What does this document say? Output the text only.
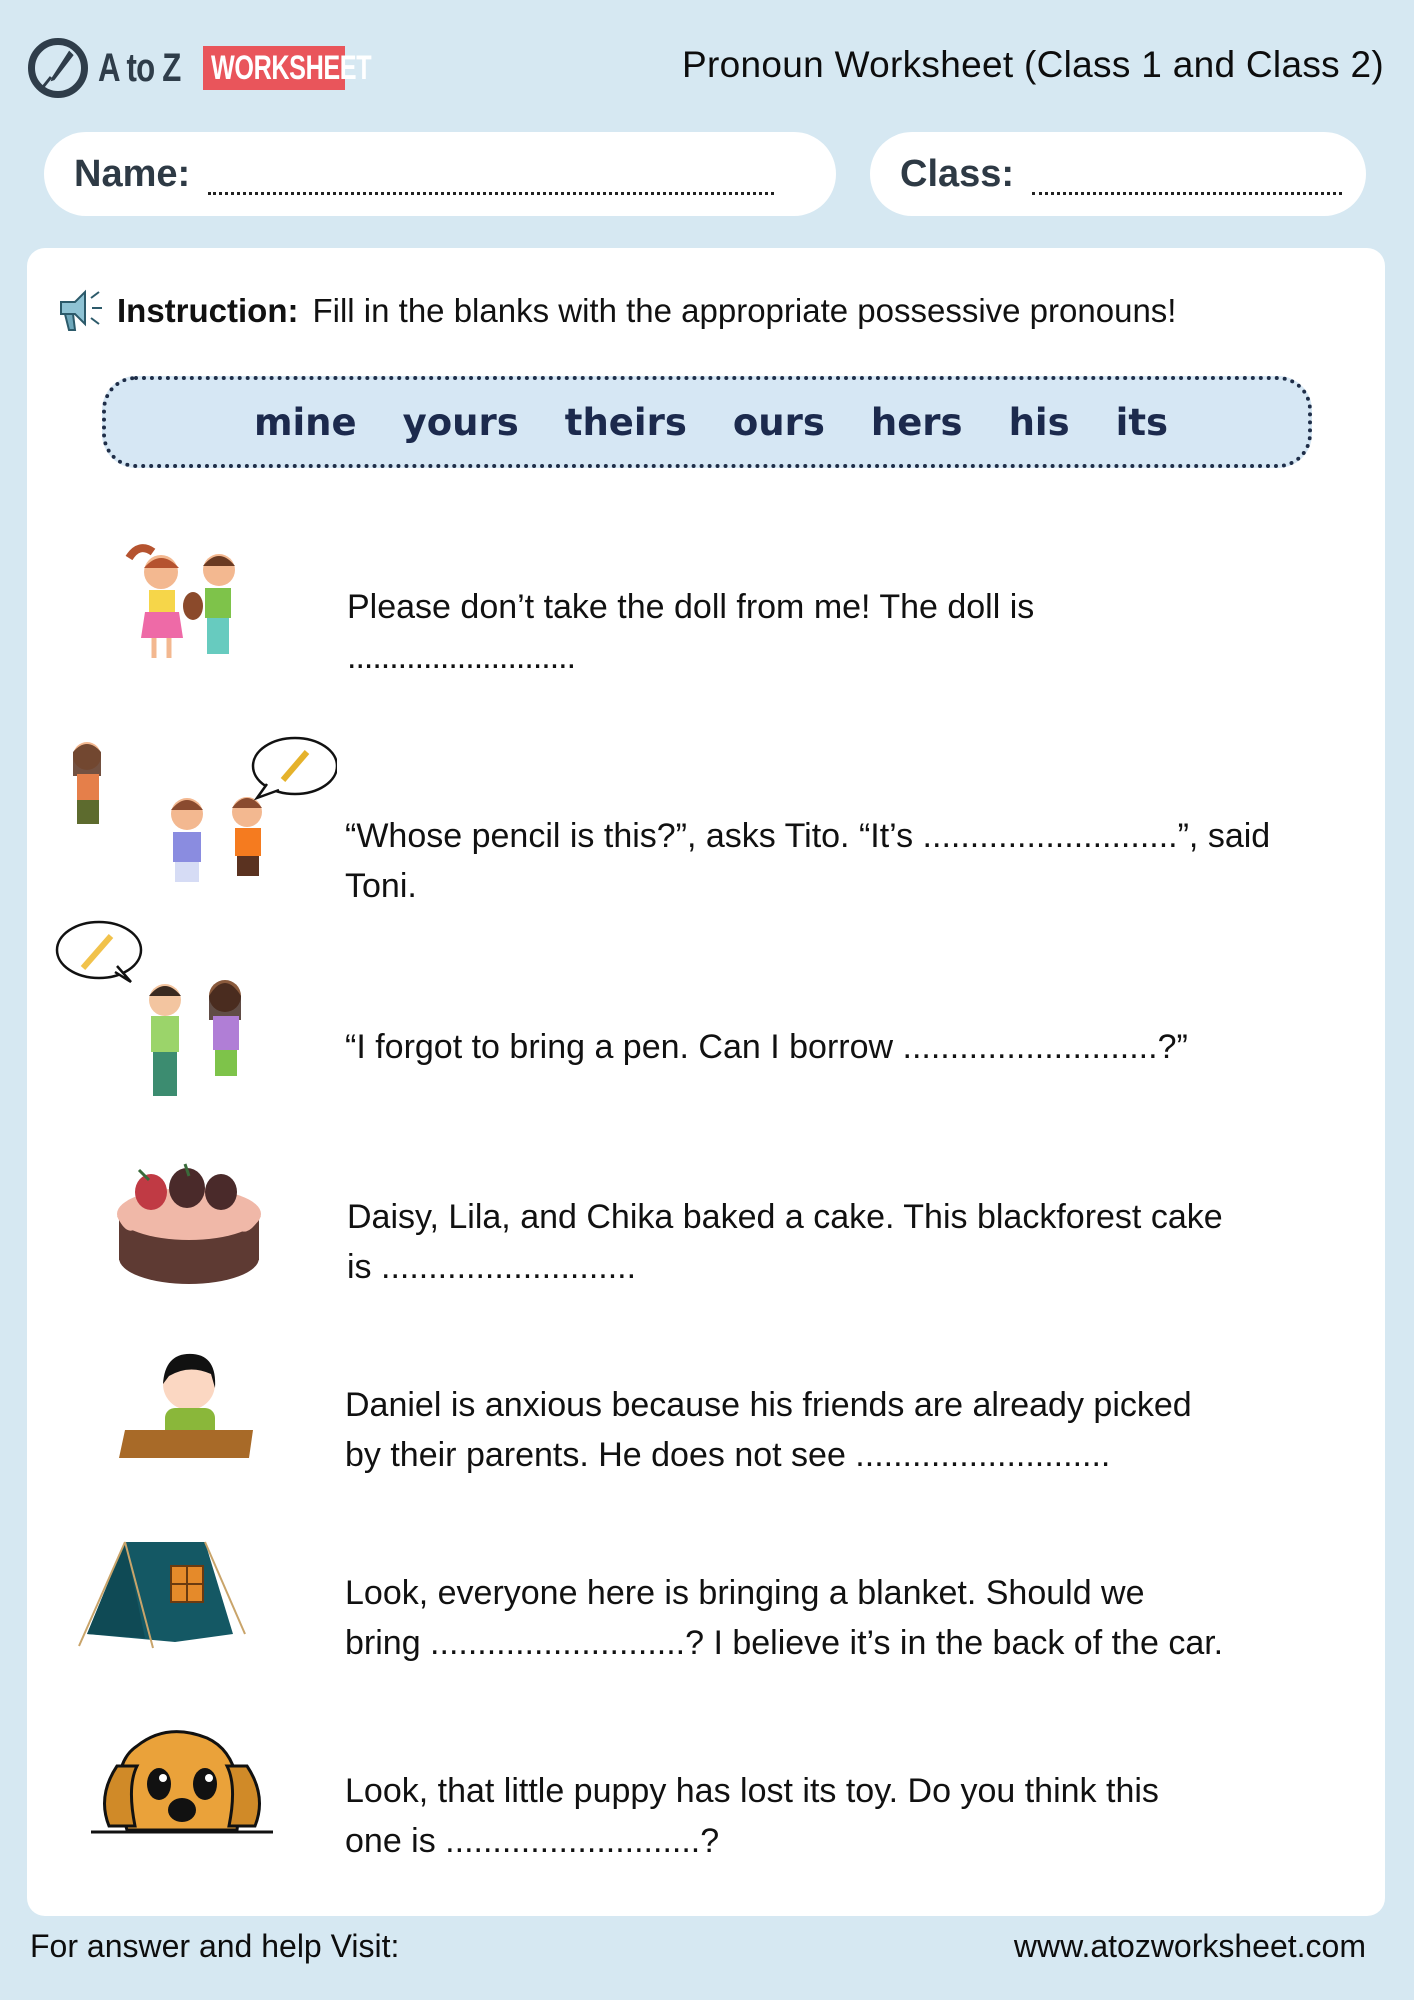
A to Z WORKSHEET	Pronoun Worksheet (Class 1 and Class 2)
Name:	Class:
Instruction: Fill in the blanks with the appropriate possessive pronouns!
mine yours theirs ours hers his its
Please don’t take the doll from me! The doll is
...........................
“Whose pencil is this?”, asks Tito. “It’s ...........................”, said
Toni.
“I forgot to bring a pen. Can I borrow ...........................?”
Daisy, Lila, and Chika baked a cake. This blackforest cake
is ...........................
Daniel is anxious because his friends are already picked
by their parents. He does not see ...........................
Look, everyone here is bringing a blanket. Should we
bring ...........................? I believe it’s in the back of the car.
Look, that little puppy has lost its toy. Do you think this
one is ...........................?
For answer and help Visit:	www.atozworksheet.com
